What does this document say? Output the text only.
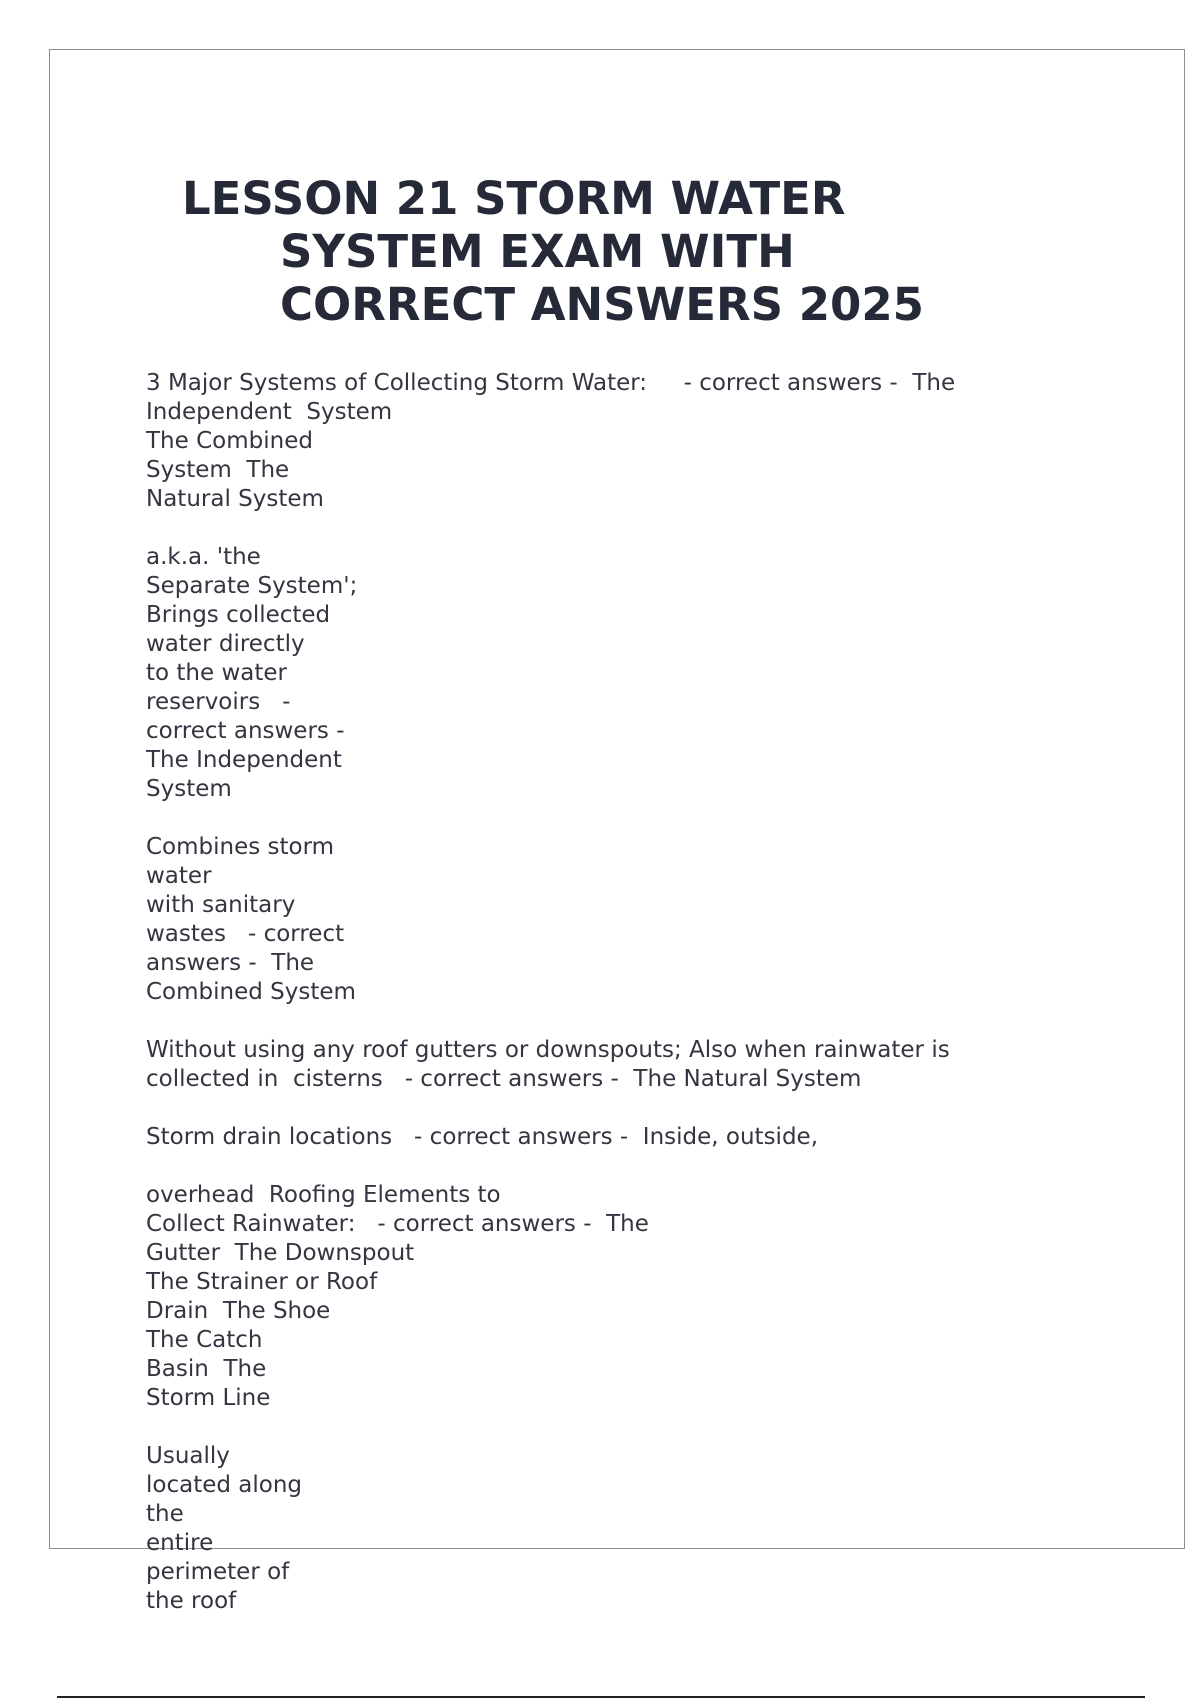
LESSON 21 STORM WATER
SYSTEM EXAM WITH
CORRECT ANSWERS 2025

3 Major Systems of Collecting Storm Water:     - correct answers -  The
Independent  System
The Combined
System  The
Natural System

a.k.a. 'the
Separate System';
Brings collected
water directly
to the water
reservoirs   -
correct answers -
The Independent
System

Combines storm
water
with sanitary
wastes   - correct
answers -  The
Combined System

Without using any roof gutters or downspouts; Also when rainwater is
collected in  cisterns   - correct answers -  The Natural System

Storm drain locations   - correct answers -  Inside, outside,

overhead  Roofing Elements to
Collect Rainwater:   - correct answers -  The
Gutter  The Downspout
The Strainer or Roof
Drain  The Shoe
The Catch
Basin  The
Storm Line

Usually
located along
the
entire
perimeter of
the roof
